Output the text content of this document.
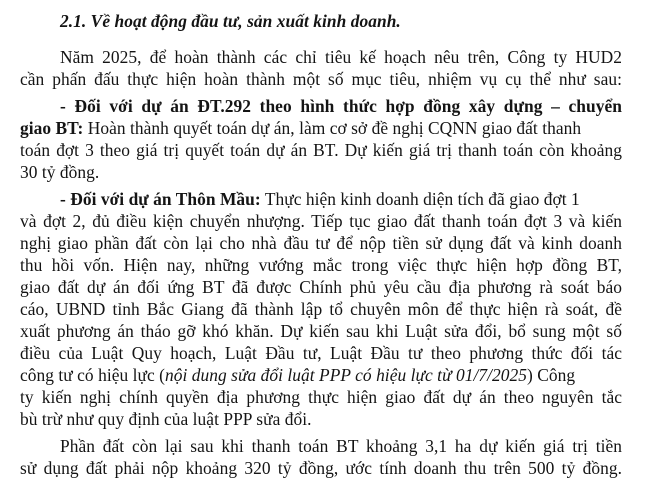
2.1. Về hoạt động đầu tư, sản xuất kinh doanh.
Năm 2025, để hoàn thành các chỉ tiêu kế hoạch nêu trên, Công ty HUD2
cần phấn đấu thực hiện hoàn thành một số mục tiêu, nhiệm vụ cụ thể như sau:
- Đối với dự án ĐT.292 theo hình thức hợp đồng xây dựng – chuyển
giao BT: Hoàn thành quyết toán dự án, làm cơ sở đề nghị CQNN giao đất thanh
toán đợt 3 theo giá trị quyết toán dự án BT. Dự kiến giá trị thanh toán còn khoảng
30 tỷ đồng.
- Đối với dự án Thôn Mầu: Thực hiện kinh doanh diện tích đã giao đợt 1
và đợt 2, đủ điều kiện chuyển nhượng. Tiếp tục giao đất thanh toán đợt 3 và kiến
nghị giao phần đất còn lại cho nhà đầu tư để nộp tiền sử dụng đất và kinh doanh
thu hồi vốn. Hiện nay, những vướng mắc trong việc thực hiện hợp đồng BT,
giao đất dự án đối ứng BT đã được Chính phủ yêu cầu địa phương rà soát báo
cáo, UBND tỉnh Bắc Giang đã thành lập tổ chuyên môn để thực hiện rà soát, đề
xuất phương án tháo gỡ khó khăn. Dự kiến sau khi Luật sửa đổi, bổ sung một số
điều của Luật Quy hoạch, Luật Đầu tư, Luật Đầu tư theo phương thức đối tác
công tư có hiệu lực (nội dung sửa đổi luật PPP có hiệu lực từ 01/7/2025) Công
ty kiến nghị chính quyền địa phương thực hiện giao đất dự án theo nguyên tắc
bù trừ như quy định của luật PPP sửa đổi.
Phần đất còn lại sau khi thanh toán BT khoảng 3,1 ha dự kiến giá trị tiền
sử dụng đất phải nộp khoảng 320 tỷ đồng, ước tính doanh thu trên 500 tỷ đồng.
